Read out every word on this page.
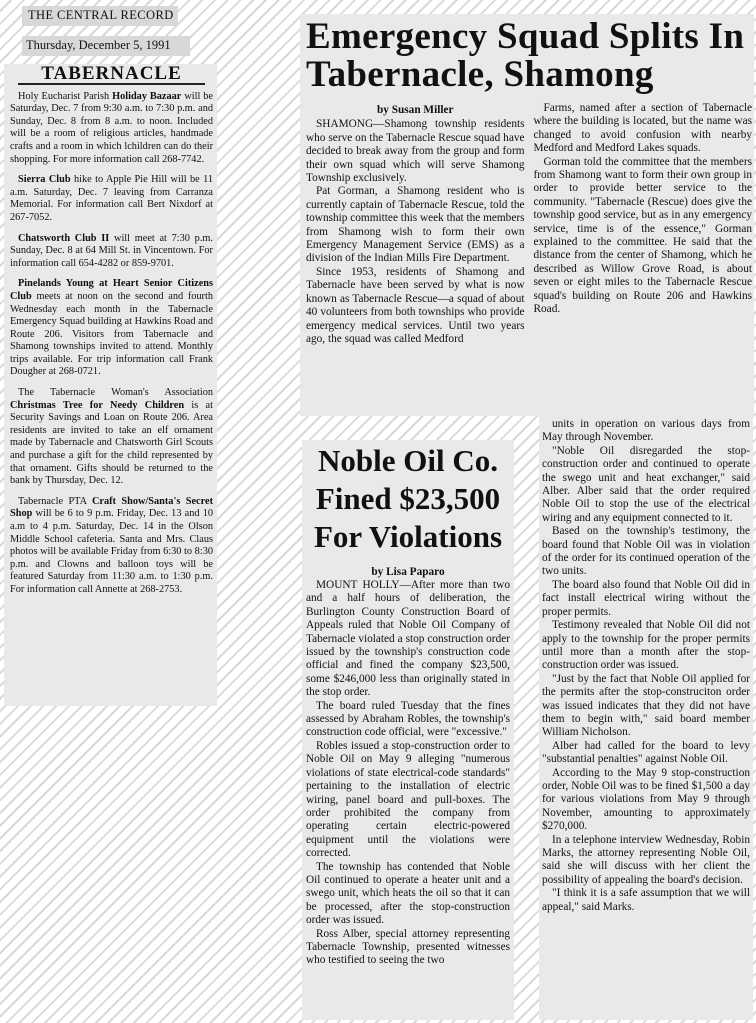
THE CENTRAL RECORD
Thursday, December 5, 1991
TABERNACLE

Holy Eucharist Parish Holiday Bazaar will be Saturday, Dec. 7 from 9:30 a.m. to 7:30 p.m. and Sunday, Dec. 8 from 8 a.m. to noon. Included will be a room of religious articles, handmade crafts and a room in which lchildren can do their shopping. For more information call 268-7742.

Sierra Club hike to Apple Pie Hill will be 11 a.m. Saturday, Dec. 7 leaving from Carranza Memorial. For information call Bert Nixdorf at 267-7052.

Chatsworth Club II will meet at 7:30 p.m. Sunday, Dec. 8 at 64 Mill St. in Vincentown. For information call 654-4282 or 859-9701.

Pinelands Young at Heart Senior Citizens Club meets at noon on the second and fourth Wednesday each month in the Tabernacle Emergency Squad building at Hawkins Road and Route 206. Visitors from Tabernacle and Shamong townships invited to attend. Monthly trips available. For trip information call Frank Dougher at 268-0721.

The Tabernacle Woman's Association Christmas Tree for Needy Children is at Security Savings and Loan on Route 206. Area residents are invited to take an elf ornament made by Tabernacle and Chatsworth Girl Scouts and purchase a gift for the child represented by that ornament. Gifts should be returned to the bank by Thursday, Dec. 12.

Tabernacle PTA Craft Show/Santa's Secret Shop will be 6 to 9 p.m. Friday, Dec. 13 and 10 a.m to 4 p.m. Saturday, Dec. 14 in the Olson Middle School cafeteria. Santa and Mrs. Claus photos will be available Friday from 6:30 to 8:30 p.m. and Clowns and balloon toys will be featured Saturday from 11:30 a.m. to 1:30 p.m. For information call Annette at 268-2753.

Emergency Squad Splits In Tabernacle, Shamong
by Susan Miller

SHAMONG—Shamong township residents who serve on the Tabernacle Rescue squad have decided to break away from the group and form their own squad which will serve Shamong Township exclusively.

Pat Gorman, a Shamong resident who is currently captain of Tabernacle Rescue, told the township committee this week that the members from Shamong wish to form their own Emergency Management Service (EMS) as a division of the Indian Mills Fire Department.

Since 1953, residents of Shamong and Tabernacle have been served by what is now known as Tabernacle Rescue—a squad of about 40 volunteers from both townships who provide emergency medical services. Until two years ago, the squad was called Medford

Farms, named after a section of Tabernacle where the building is located, but the name was changed to avoid confusion with nearby Medford and Medford Lakes squads.

Gorman told the committee that the members from Shamong want to form their own group in order to provide better service to the community. "Tabernacle (Rescue) does give the township good service, but as in any emergency service, time is of the essence," Gorman explained to the committee. He said that the distance from the center of Shamong, which he described as Willow Grove Road, is about seven or eight miles to the Tabernacle Rescue squad's building on Route 206 and Hawkins Road.

Noble Oil Co. Fined $23,500 For Violations
by Lisa Paparo

MOUNT HOLLY—After more than two and a half hours of deliberation, the Burlington County Construction Board of Appeals ruled that Noble Oil Company of Tabernacle violated a stop construction order issued by the township's construction code official and fined the company $23,500, some $246,000 less than originally stated in the stop order.

The board ruled Tuesday that the fines assessed by Abraham Robles, the township's construction code official, were "excessive."

Robles issued a stop-construction order to Noble Oil on May 9 alleging "numerous violations of state electrical-code standards" pertaining to the installation of electric wiring, panel board and pull-boxes. The order prohibited the company from operating certain electric-powered equipment until the violations were corrected.

The township has contended that Noble Oil continued to operate a heater unit and a swego unit, which heats the oil so that it can be processed, after the stop-construction order was issued.

Ross Alber, special attorney representing Tabernacle Township, presented witnesses who testified to seeing the two

units in operation on various days from May through November.

"Noble Oil disregarded the stop-construction order and continued to operate the swego unit and heat exchanger," said Alber. Alber said that the order required Noble Oil to stop the use of the electrical wiring and any equipment connected to it.

Based on the township's testimony, the board found that Noble Oil was in violation of the order for its continued operation of the two units.

The board also found that Noble Oil did in fact install electrical wiring without the proper permits.

Testimony revealed that Noble Oil did not apply to the township for the proper permits until more than a month after the stop-construction order was issued.

"Just by the fact that Noble Oil applied for the permits after the stop-construciton order was issued indicates that they did not have them to begin with," said board member William Nicholson.

Alber had called for the board to levy "substantial penalties" against Noble Oil.

According to the May 9 stop-construction order, Noble Oil was to be fined $1,500 a day for various violations from May 9 through November, amounting to approximately $270,000.

In a telephone interview Wednesday, Robin Marks, the attorney representing Noble Oil, said she will discuss with her client the possibility of appealing the board's decision.

"I think it is a safe assumption that we will appeal," said Marks.
